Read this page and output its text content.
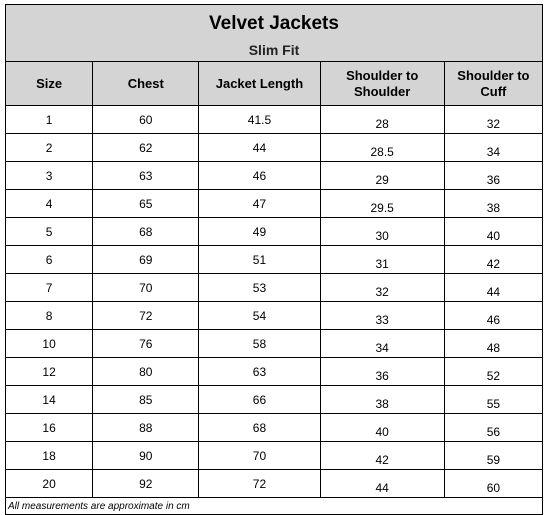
Velvet Jackets
Slim Fit				

Size	Chest	Jacket Length	Shoulder to Shoulder	Shoulder to Cuff
1	60	41.5	28	32
2	62	44	28.5	34
3	63	46	29	36
4	65	47	29.5	38
5	68	49	30	40
6	69	51	31	42
7	70	53	32	44
8	72	54	33	46
10	76	58	34	48
12	80	63	36	52
14	85	66	38	55
16	88	68	40	56
18	90	70	42	59
20	92	72	44	60
All measurements are approximate in cm				
